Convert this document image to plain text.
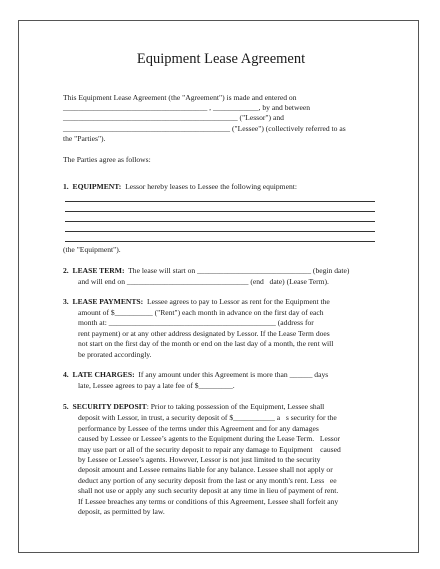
Equipment Lease Agreement
This Equipment Lease Agreement (the "Agreement") is made and entered on
______________________________________ , ____________, by and between
______________________________________________ ("Lessor") and
____________________________________________ ("Lessee") (collectively referred to as
the "Parties").
The Parties agree as follows:
1. EQUIPMENT: Lessor hereby leases to Lessee the following equipment:
(the "Equipment").
2. LEASE TERM: The lease will start on ______________________________ (begin date)
and will end on ________________________________ (end   date) (Lease Term).
3. LEASE PAYMENTS: Lessee agrees to pay to Lessor as rent for the Equipment the
amount of $__________ ("Rent") each month in advance on the first day of each
month at: ____________________________________________ (address for
rent payment) or at any other address designated by Lessor. If the Lease Term does
not start on the first day of the month or end on the last day of a month, the rent will
be prorated accordingly.
4. LATE CHARGES: If any amount under this Agreement is more than ______ days
late, Lessee agrees to pay a late fee of $_________.
5. SECURITY DEPOSIT: Prior to taking possession of the Equipment, Lessee shall
deposit with Lessor, in trust, a security deposit of $___________ a   s security for the
performance by Lessee of the terms under this Agreement and for any damages
caused by Lessee or Lessee’s agents to the Equipment during the Lease Term.   Lessor
may use part or all of the security deposit to repair any damage to Equipment    caused
by Lessee or Lessee’s agents. However, Lessor is not just limited to the security
deposit amount and Lessee remains liable for any balance. Lessee shall not apply or
deduct any portion of any security deposit from the last or any month's rent. Less   ee
shall not use or apply any such security deposit at any time in lieu of payment of rent.
If Lessee breaches any terms or conditions of this Agreement, Lessee shall forfeit any
deposit, as permitted by law.
